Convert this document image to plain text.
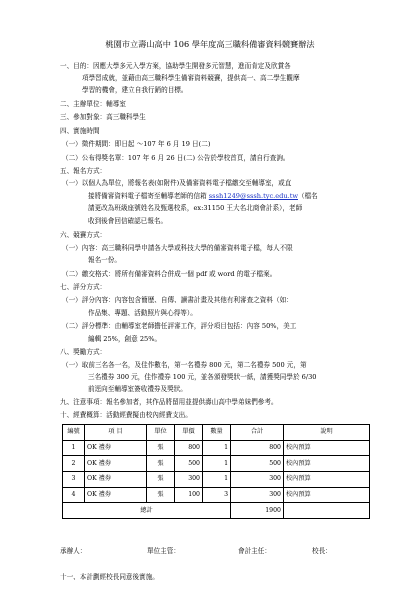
桃園市立壽山高中 106 學年度高三職科備審資料競賽辦法
一、目的：因應大學多元入學方案，協助學生開發多元智慧，進而肯定及欣賞各
項學習成就，並藉由高三職科學生備審資料競賽，提供高一、高二學生觀摩
學習的機會，建立自我行銷的目標。
二、主辦單位：輔導室
三、參加對象：高三職科學生
四、實施時間
（一）徵件期間：即日起 ～107 年 6 月 19 日(二)
（二）公布得獎名單：107 年 6 月 26 日(二) 公告於學校首頁，請自行查詢。
五、報名方式：
（一）以個人為單位，將報名表(如附件)及備審資料電子檔繳交至輔導室，或直
接將備審資料電子檔寄至輔導老師的信箱 sssh1249@sssh.tyc.edu.tw（檔名
請更改為班級座號姓名及甄選校系，ex:31150 王大名北商會計系），老師
收到後會回信確認已報名。
六、競賽方式：
（一）內容：高三職科同學申請各大學或科技大學的備審資料電子檔，每人不限
報名一份。
（二）繳交格式：將所有備審資料合併成一個 pdf 或 word 的電子檔案。
七、評分方式：
（一）評分內容：內容包含簡歷、自傳、讀書計畫及其他有利審查之資料（如：
作品集、專題、活動照片與心得等）。
（二）評分標準：由輔導室老師擔任評審工作，評分項目包括：內容 50%，美工
編輯 25%，創意 25%。
八、獎勵方式：
（一）取前三名各一名，及佳作數名，第一名禮券 800 元，第二名禮券 500 元，第
三名禮券 300 元，佳作禮券 100 元，並各頒發獎狀一紙，請獲獎同學於 6/30
前逕向至輔導室簽收禮券及獎狀。
九、注意事項：報名參加者，其作品將留用並提供壽山高中學弟妹們參考。
十、經費概算：活動經費擬由校內經費支出。
編號	項 目	單位	單價	數量	合計	說明
1	OK 禮券	張	800	1	800	校內預算
2	OK 禮券	張	500	1	500	校內預算
3	OK 禮券	張	300	1	300	校內預算
4	OK 禮券	張	100	3	300	校內預算
總計					1900	
承辦人：	單位主管：	會計主任：	校長：
十一、本計劃經校長同意後實施。
